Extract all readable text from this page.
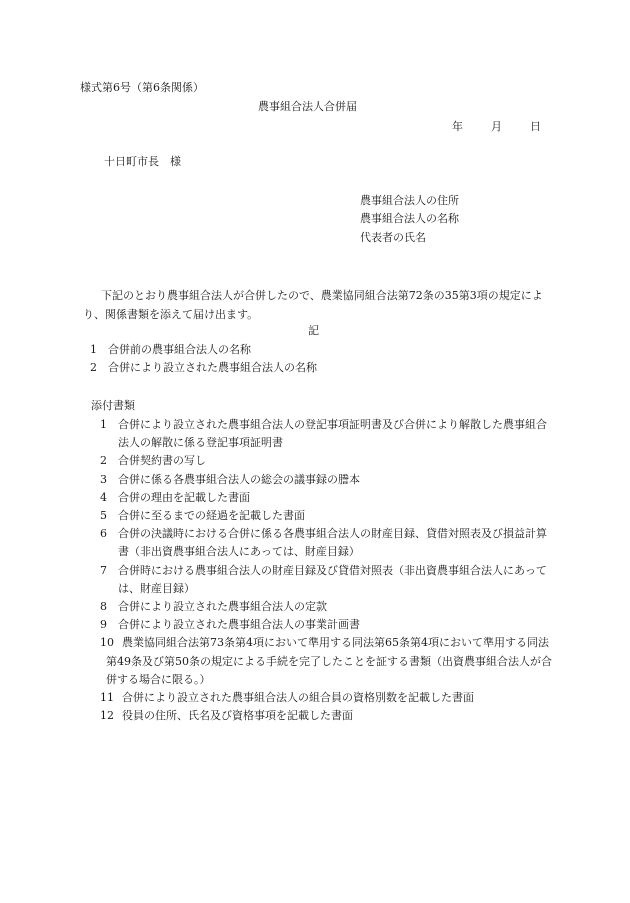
様式第6号（第6条関係）
農事組合法人合併届
年	月	日
十日町市長　様
農事組合法人の住所
農事組合法人の名称
代表者の氏名
下記のとおり農事組合法人が合併したので、農業協同組合法第72条の35第3項の規定により、関係書類を添えて届け出ます。
記
1 合併前の農事組合法人の名称
2 合併により設立された農事組合法人の名称
添付書類
1 合併により設立された農事組合法人の登記事項証明書及び合併により解散した農事組合法人の解散に係る登記事項証明書
2 合併契約書の写し
3 合併に係る各農事組合法人の総会の議事録の謄本
4 合併の理由を記載した書面
5 合併に至るまでの経過を記載した書面
6 合併の決議時における合併に係る各農事組合法人の財産目録、貸借対照表及び損益計算書（非出資農事組合法人にあっては、財産目録）
7 合併時における農事組合法人の財産目録及び貸借対照表（非出資農事組合法人にあっては、財産目録）
8 合併により設立された農事組合法人の定款
9 合併により設立された農事組合法人の事業計画書
10 農業協同組合法第73条第4項において準用する同法第65条第4項において準用する同法第49条及び第50条の規定による手続を完了したことを証する書類（出資農事組合法人が合併する場合に限る。）
11 合併により設立された農事組合法人の組合員の資格別数を記載した書面
12 役員の住所、氏名及び資格事項を記載した書面
